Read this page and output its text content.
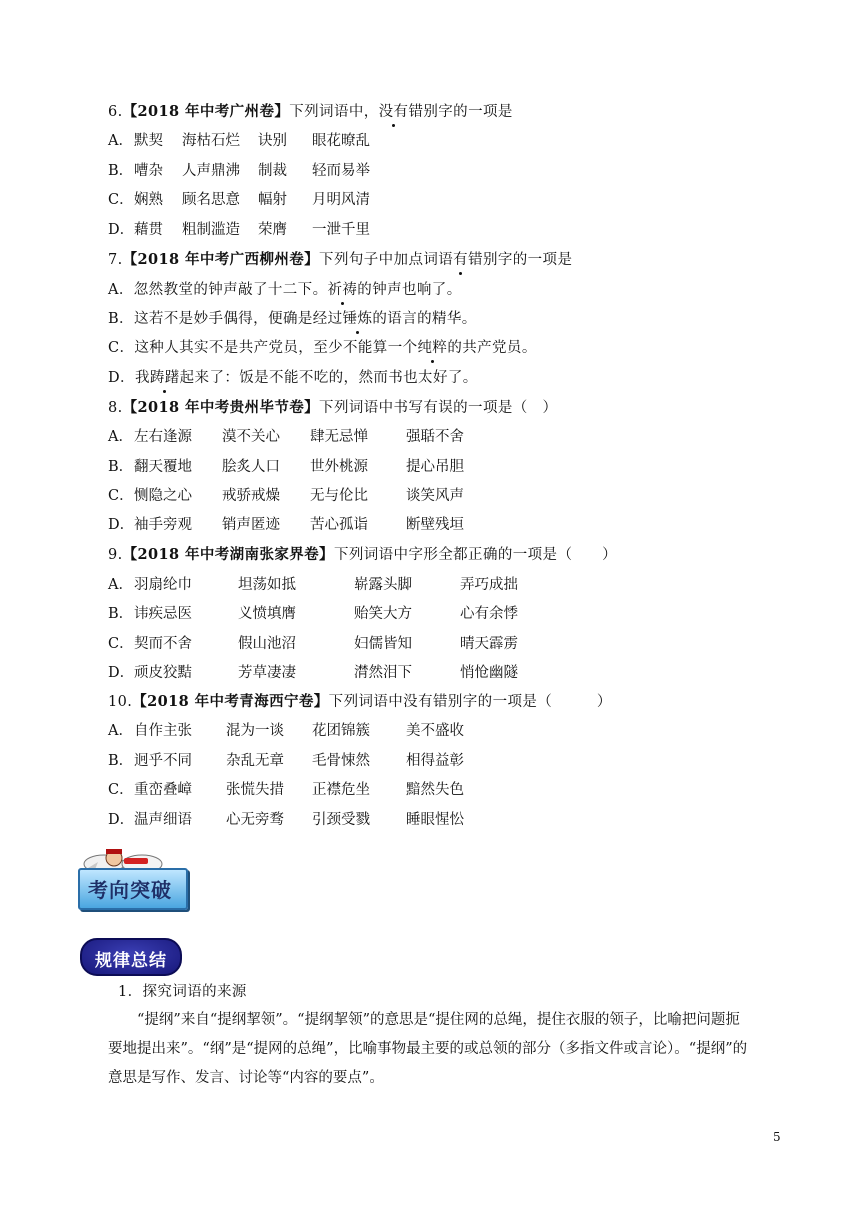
6.【2018 年中考广州卷】下列词语中，没有错别字的一项是
A． 默契 海枯石烂 诀别 眼花暸乱
B． 嘈杂 人声鼎沸 制裁 轻而易举
C． 娴熟 顾名思意 幅射 月明风清
D． 藉贯 粗制滥造 荣膺 一泄千里
7.【2018 年中考广西柳州卷】下列句子中加点词语有错别字的一项是
A．忽然教堂的钟声敲了十二下。祈祷的钟声也响了。
B．这若不是妙手偶得，便确是经过锤炼的语言的精华。
C．这种人其实不是共产党员，至少不能算一个纯粹的共产党员。
D．我踌躇起来了：饭是不能不吃的，然而书也太好了。
8.【2018 年中考贵州毕节卷】下列词语中书写有误的一项是（　）
A． 左右逢源 漠不关心 肆无忌惮	强聒不舍
B． 翻天覆地 脍炙人口 世外桃源	提心吊胆
C． 恻隐之心 戒骄戒燥 无与伦比	谈笑风声
D． 袖手旁观 销声匿迹 苦心孤诣	断壁残垣
9.【2018 年中考湖南张家界卷】下列词语中字形全都正确的一项是（　　）
A． 羽扇纶巾	坦荡如抵	崭露头脚	弄巧成拙
B． 讳疾忌医	义愤填膺	贻笑大方	心有余悸
C． 契而不舍	假山池沼	妇儒皆知	晴天霹雳
D． 顽皮狡黠	芳草凄凄	潸然泪下	悄怆幽隧
10.【2018 年中考青海西宁卷】下列词语中没有错别字的一项是（　　　）
A． 自作主张 混为一谈 花团锦簇 美不盛收
B． 迥乎不同 杂乱无章 毛骨悚然 相得益彰
C． 重峦叠嶂 张慌失措 正襟危坐 黯然失色
D． 温声细语 心无旁骛 引颈受戮 睡眼惺忪
考向突破
规律总结
1．探究词语的来源
“提纲”来自“提纲挈领”。“提纲挈领”的意思是“提住网的总绳，提住衣服的领子，比喻把问题扼要地提出来”。“纲”是“提网的总绳”，比喻事物最主要的或总领的部分（多指文件或言论）。“提纲”的意思是写作、发言、讨论等“内容的要点”。
5
